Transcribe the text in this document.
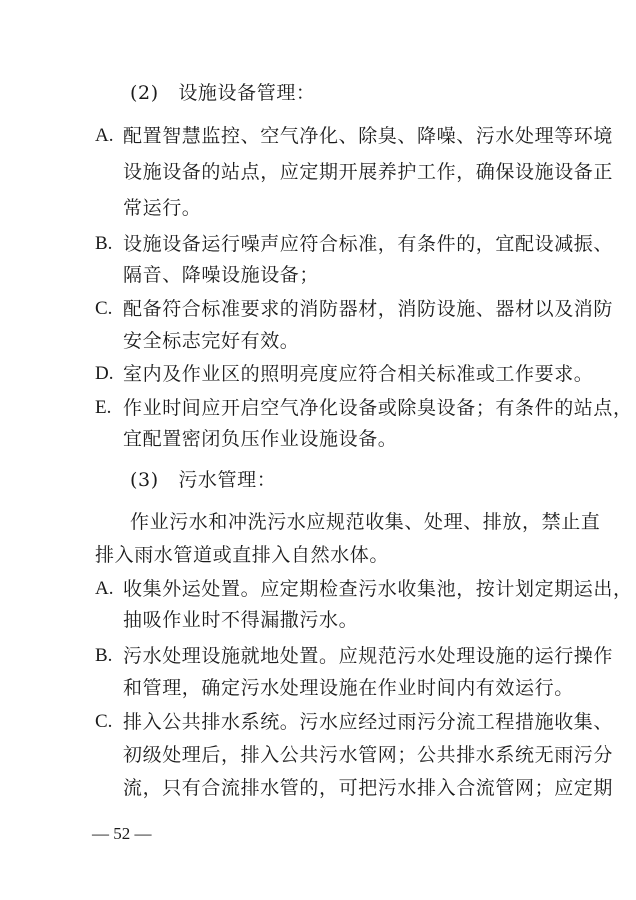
(2)　设施设备管理：
A. 配置智慧监控、空气净化、除臭、降噪、污水处理等环境
设施设备的站点，应定期开展养护工作，确保设施设备正
常运行。
B. 设施设备运行噪声应符合标准，有条件的，宜配设减振、
隔音、降噪设施设备；
C. 配备符合标准要求的消防器材，消防设施、器材以及消防
安全标志完好有效。
D. 室内及作业区的照明亮度应符合相关标准或工作要求。
E. 作业时间应开启空气净化设备或除臭设备；有条件的站点，
宜配置密闭负压作业设施设备。
(3)　污水管理：
作业污水和冲洗污水应规范收集、处理、排放，禁止直
排入雨水管道或直排入自然水体。
A. 收集外运处置。应定期检查污水收集池，按计划定期运出，
抽吸作业时不得漏撒污水。
B. 污水处理设施就地处置。应规范污水处理设施的运行操作
和管理，确定污水处理设施在作业时间内有效运行。
C. 排入公共排水系统。污水应经过雨污分流工程措施收集、
初级处理后，排入公共污水管网；公共排水系统无雨污分
流，只有合流排水管的，可把污水排入合流管网；应定期
— 52 —
